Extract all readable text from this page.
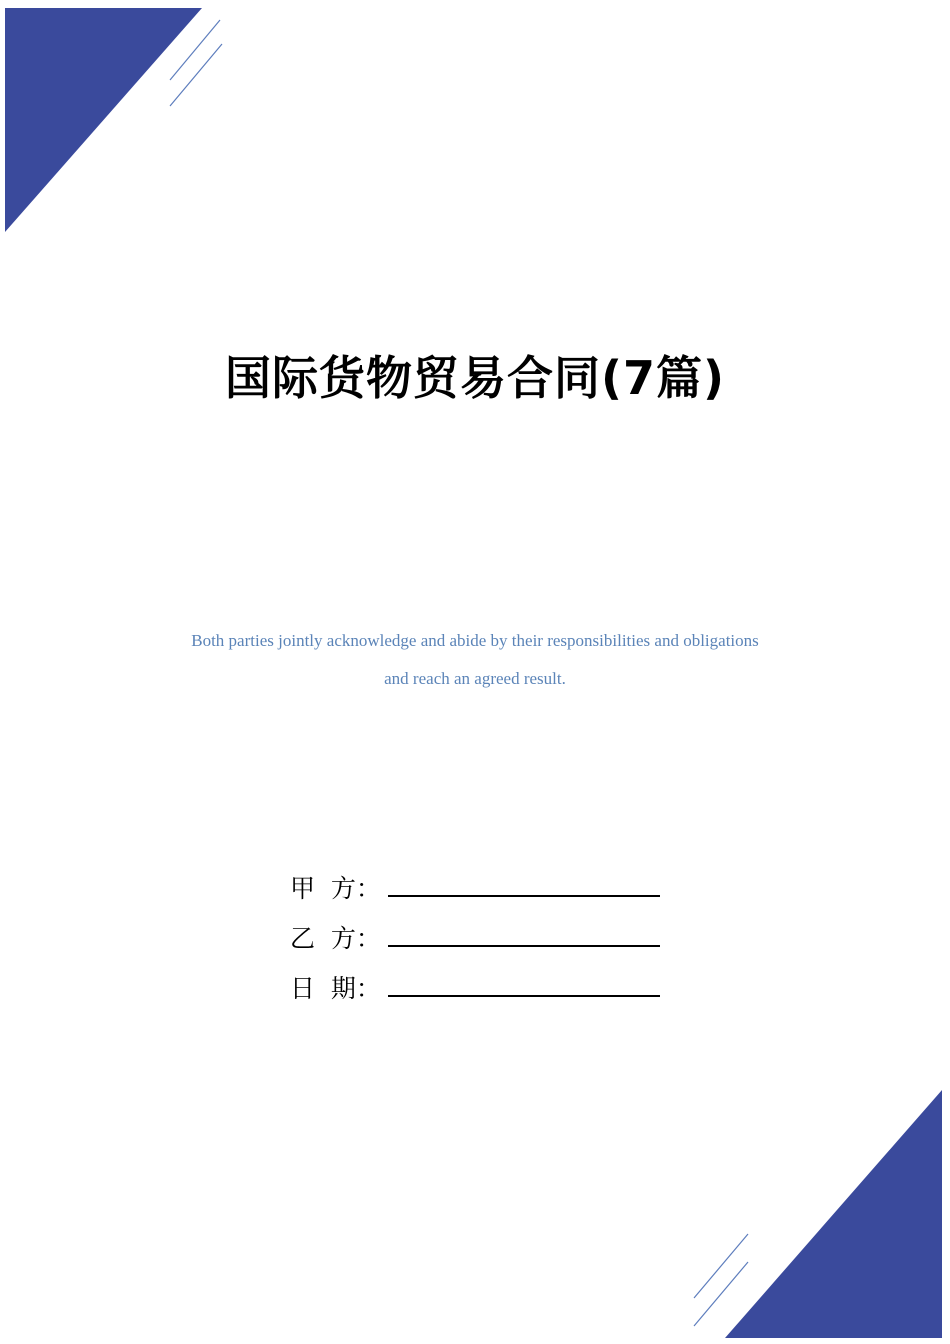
国际货物贸易合同(7篇)
Both parties jointly acknowledge and abide by their responsibilities and obligations
and reach an agreed result.
甲  方：
乙  方：
日  期：
